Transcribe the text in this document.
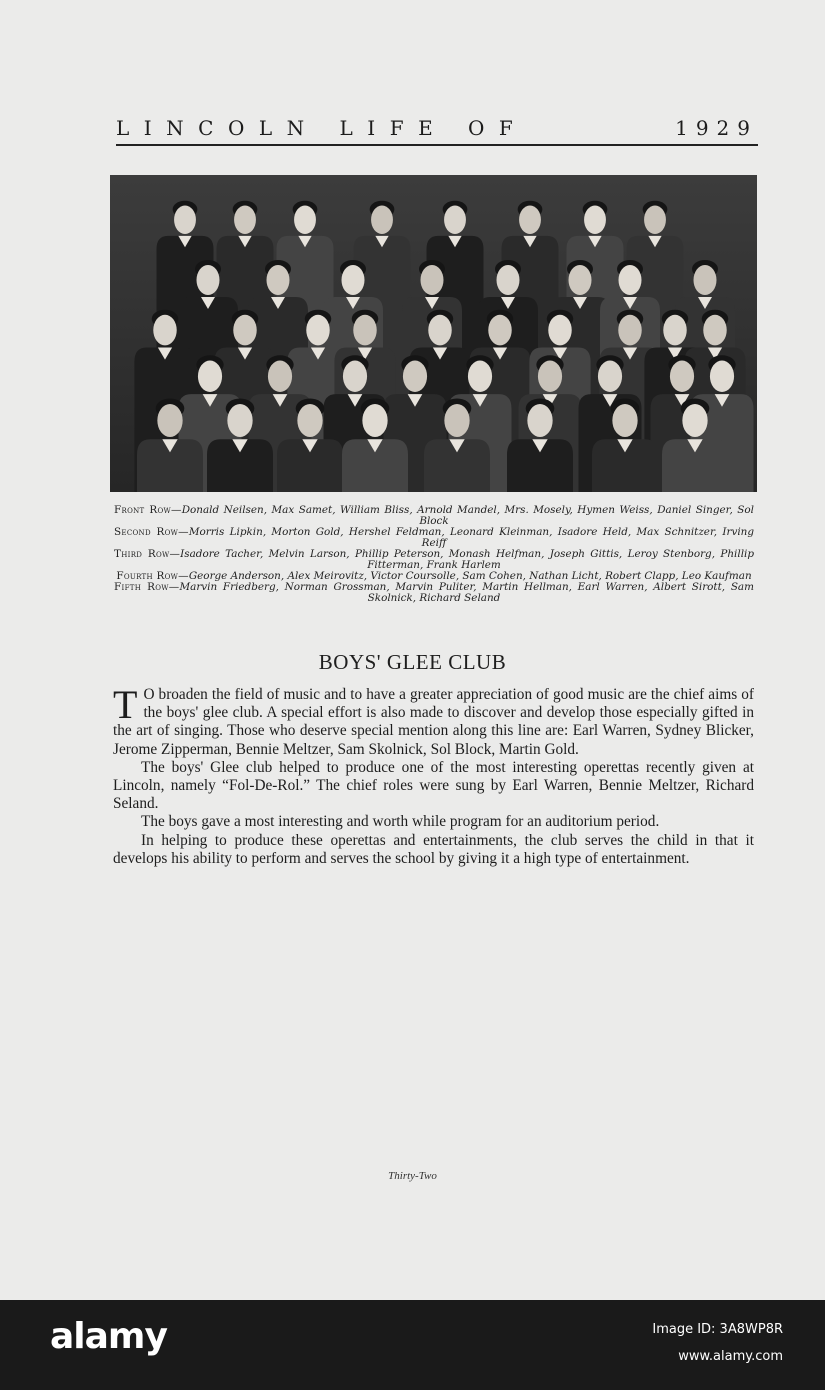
LINCOLN LIFE OF	1929
Front Row—Donald Neilsen, Max Samet, William Bliss, Arnold Mandel, Mrs. Mosely, Hymen Weiss, Daniel Singer, Sol Block
Second Row—Morris Lipkin, Morton Gold, Hershel Feldman, Leonard Kleinman, Isadore Held, Max Schnitzer, Irving Reiff
Third Row—Isadore Tacher, Melvin Larson, Phillip Peterson, Monash Helfman, Joseph Gittis, Leroy Stenborg, Phillip Fitterman, Frank Harlem
Fourth Row—George Anderson, Alex Meirovitz, Victor Coursolle, Sam Cohen, Nathan Licht, Robert Clapp, Leo Kaufman
Fifth Row—Marvin Friedberg, Norman Grossman, Marvin Puliter, Martin Hellman, Earl Warren, Albert Sirott, Sam Skolnick, Richard Seland
BOYS' GLEE CLUB

T O broaden the field of music and to have a greater appreciation of good music are the chief aims of the boys' glee club. A special effort is also made to discover and develop those especially gifted in the art of singing. Those who deserve special mention along this line are: Earl Warren, Sydney Blicker, Jerome Zipperman, Bennie Meltzer, Sam Skolnick, Sol Block, Martin Gold.

The boys' Glee club helped to produce one of the most interesting operettas recently given at Lincoln, namely “Fol-De-Rol.” The chief roles were sung by Earl Warren, Bennie Meltzer, Richard Seland.

The boys gave a most interesting and worth while program for an auditorium period.

In helping to produce these operettas and entertainments, the club serves the child in that it develops his ability to perform and serves the school by giving it a high type of entertainment.

Thirty-Two
alamy	Image ID: 3A8WP8R
www.alamy.com
